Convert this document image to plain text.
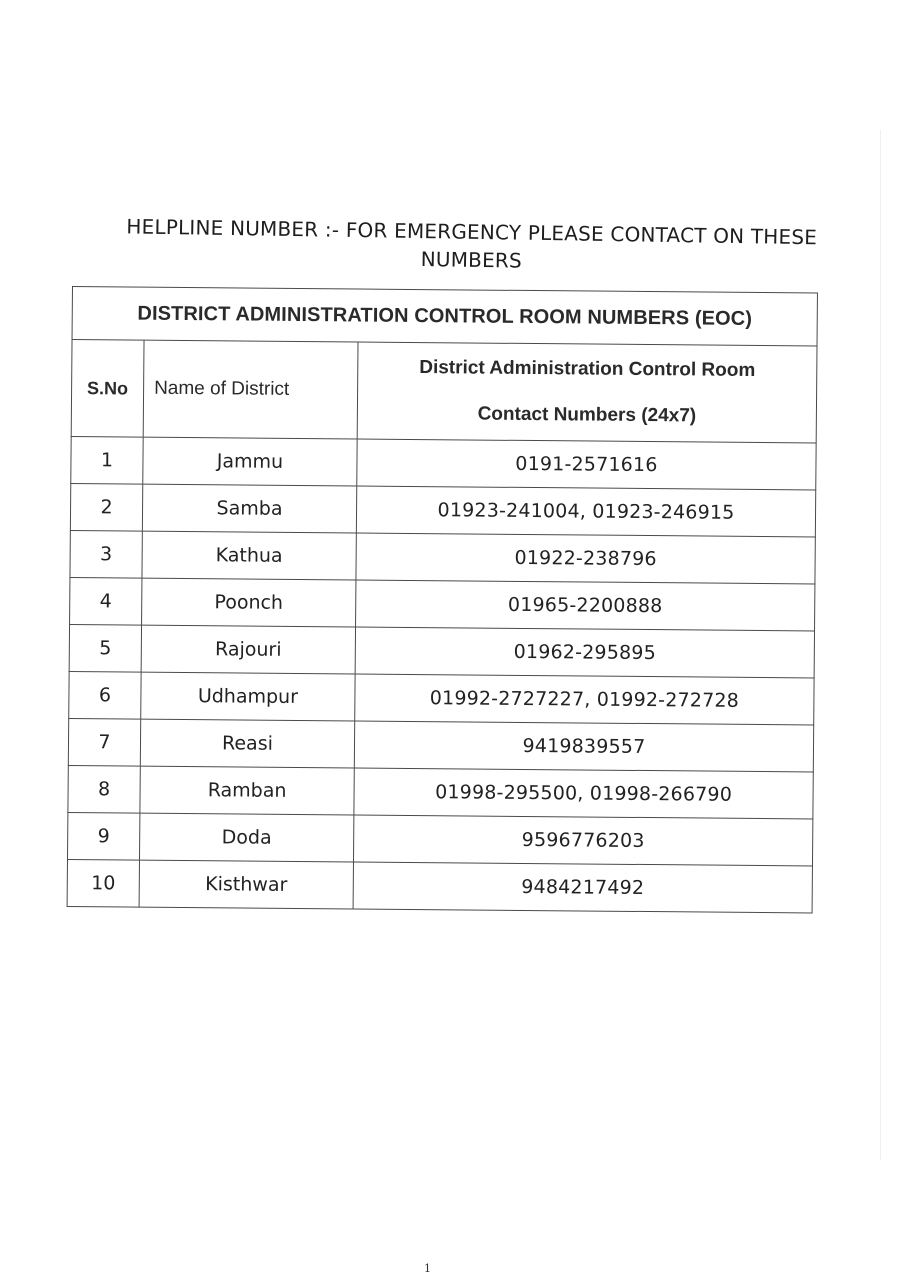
HELPLINE NUMBER :- FOR EMERGENCY PLEASE CONTACT ON THESE
NUMBERS
DISTRICT ADMINISTRATION CONTROL ROOM NUMBERS (EOC)		
S.No	Name of District	District Administration Control Room
Contact Numbers (24x7)

1	Jammu	0191-2571616
2	Samba	01923-241004, 01923-246915
3	Kathua	01922-238796
4	Poonch	01965-2200888
5	Rajouri	01962-295895
6	Udhampur	01992-2727227, 01992-272728
7	Reasi	9419839557
8	Ramban	01998-295500, 01998-266790
9	Doda	9596776203
10	Kisthwar	9484217492
1
